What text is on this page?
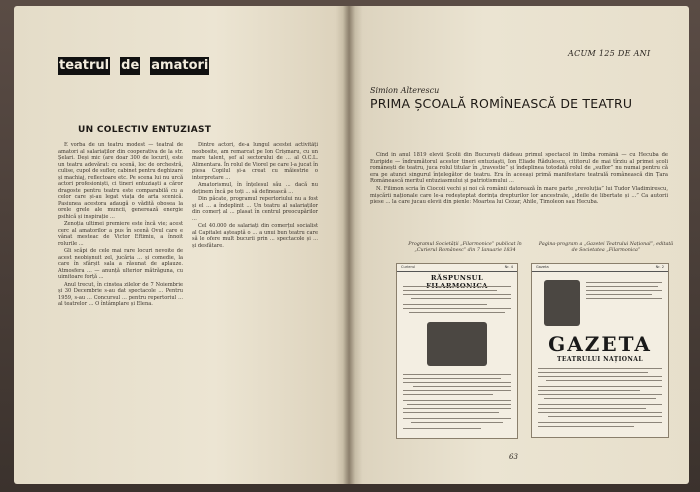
teatrul de amatori
UN COLECTIV ENTUZIAST

E vorba de un teatru modest — teatral de amatori al salariaților din cooperativa de la str. Șelari. Deși mic (are doar 300 de locuri), este un teatru adevărat: cu scenă, loc de orchestră, culise, cupol de suflor, cabinet pentru deghizare și machiaj, reflectoare etc. Pe scena lui nu urcă actori profesioniști, ci tineri entuziaști a căror dragoste pentru teatru este comparabilă cu a celor care și-au legat viața de arta scenică. Pasiunea acestora adaugă o vădită obosea la orele grele ale muncii, generează energie psihică și inspirație ...

Zenoția ultimei premiere este încă vie; acest cerc al amatorilor a pus în scenă Ovul care e vânat mesteac de Victor Eftimiu, a înnoit rolurile ...

Gli scăpi de cele mai rare locuri nevoite de acest neobișnuit zel, jucăria ... și comedie, la care în sfârșit sala a răsunat de aplauze. Atmosfera ... — anunță ulterior mătrăguna, cu uimitoare forță ...

Anul trecut, în cinstea zilelor de 7 Noiembrie și 30 Decembrie s-au dat spectacole ... Pentru 1959, s-au ... Concursul ... pentru repertoriul ... al teatrelor ... O întâmplare și Elena.

Dintre actori, de-a lungul acestei activități neobosite, am remarcat pe Ion Crișmaru, cu un mare talent, șef al sectorului de ... al O.C.L. Alimentara. În rolul de Viorel pe care l-a jucat în piesa Copilul și-a creat cu măiestrie o interpretare ...

Amatorismul, în înțelesul său ... dacă nu deținem încă pe toți ... să definească ...

Din păcate, programul repertoriului nu a fost și el ... a îndeplinit ... Un teatru al salariaților din comerț al ... plasat în centrul preocupărilor ...

Cel 40.000 de salariați din comerțul socialist al Capitalei așteaptă o ... a unui bun teatru care să le ofere mult bucurii prin ... spectacole și ... și desfătare.

ACUM 125 DE ANI
Simion Alterescu
PRIMA ȘCOALĂ ROMÎNEASCĂ DE TEATRU

Cînd în anul 1819 elevii Școlii din București dădeau primul spectacol în limba română — cu Hecuba de Euripide — îndrumătorul acestor tineri entuziaști, Ion Eliade Rădulescu, cititorul de mai tîrziu al primei școli românești de teatru, juca rolul titular în „travestie” și îndeplinea totodată rolul de „suflor” nu numai pentru că era pe atunci singurul înțelegător de teatru. Era în aceeași primă manifestare teatrală românească din Țara Românească meritul entuziasmului și patriotismului ...

N. Filimon scria în Ciocoii vechi și noi că românii datorează în mare parte „revoluția” lui Tudor Vladimirescu, mișcării naționale care le-a redeșteptat dorința drepturilor lor ancestrale, „ideile de libertate și ...” Ca autorii piese ... la care jucau elevii din pienle: Moartea lui Cezar, Ahile, Timoleon sau Hecuba.

Programul Societății „Filarmonice” publicat în „Curierul Românesc” din 7 Ianuarie 1834
Pagina-program a „Gazetei Teatrului Național”, editată de Societatea „Filarmonica”
Curierul	Nr. 4
RĂSPUNSUL
Gazeta	Nr. 2
GAZETA
TEATRULUI NAȚIONAL
63
